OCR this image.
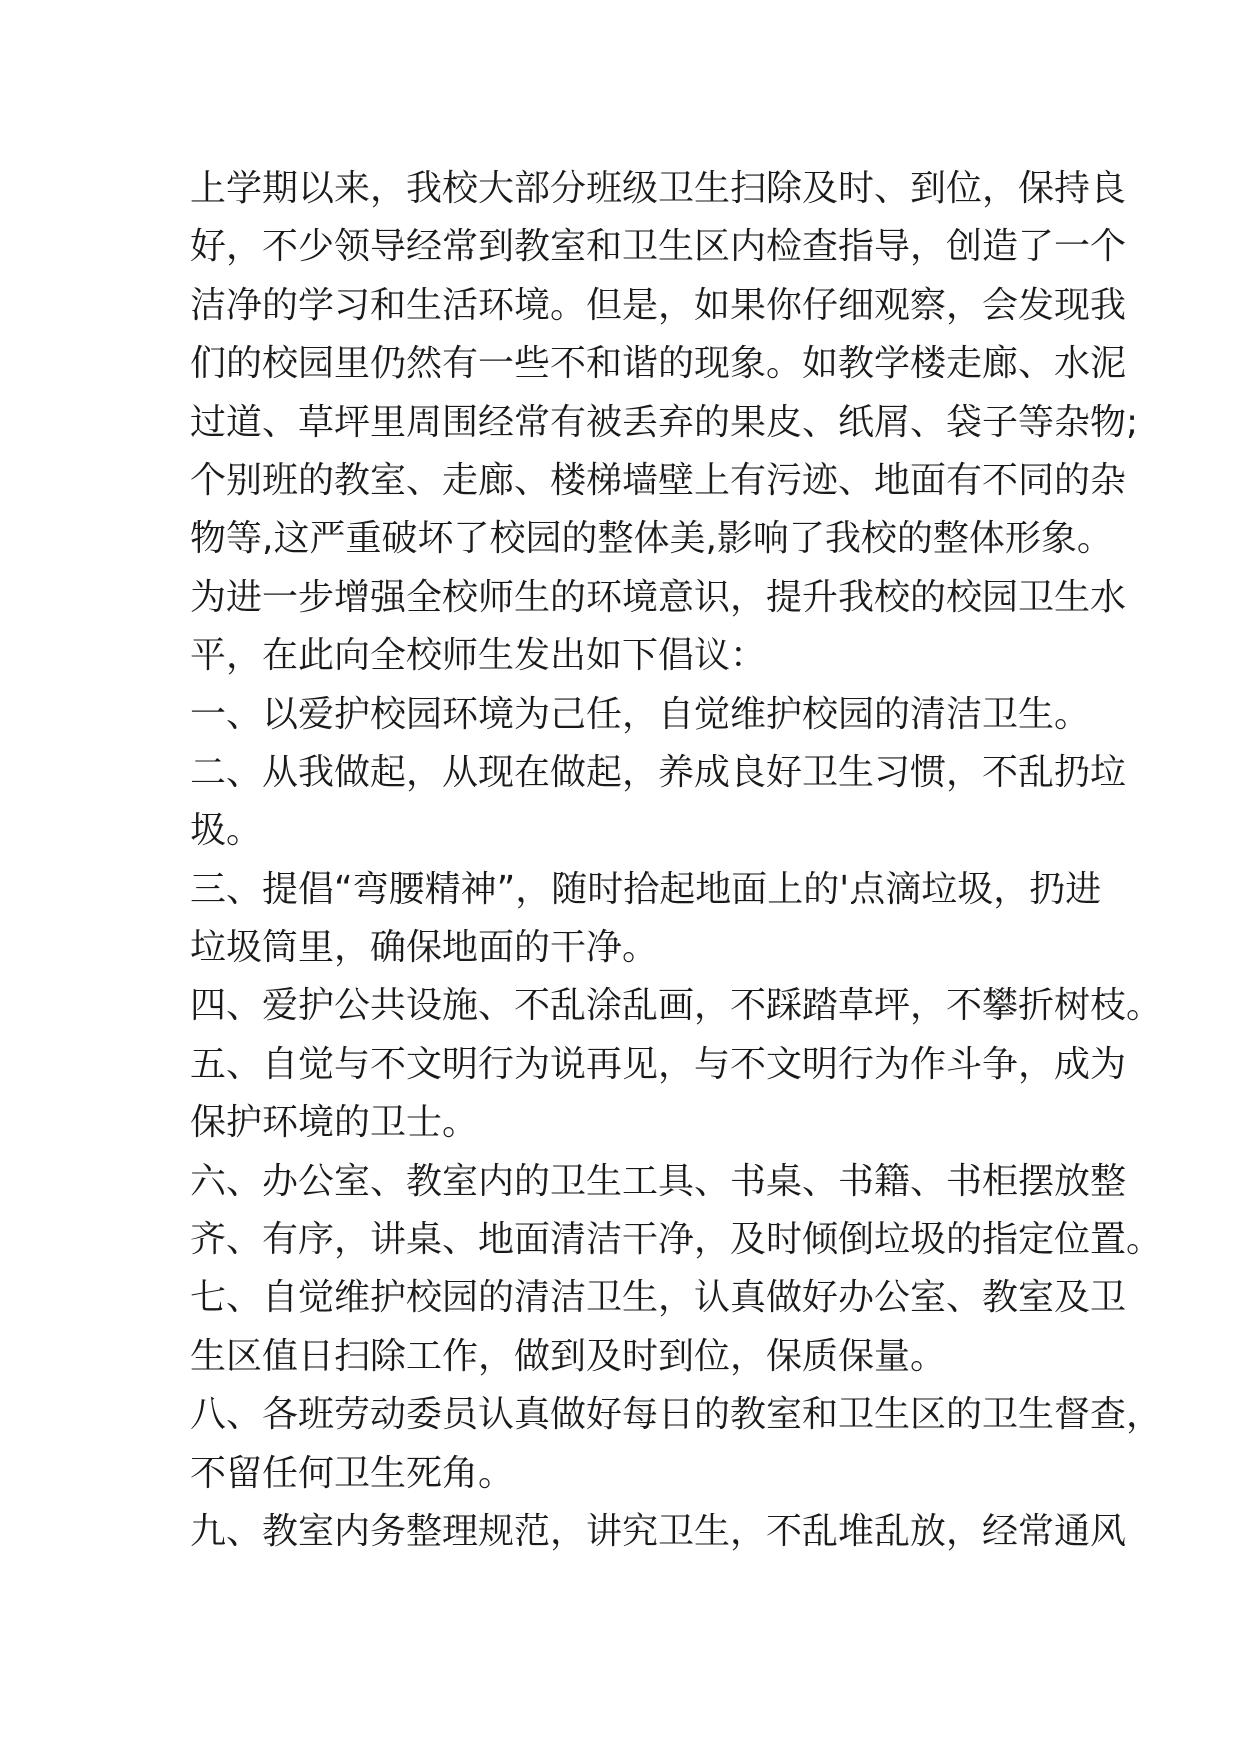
上学期以来，我校大部分班级卫生扫除及时、到位，保持良
好，不少领导经常到教室和卫生区内检查指导，创造了一个
洁净的学习和生活环境。但是，如果你仔细观察，会发现我
们的校园里仍然有一些不和谐的现象。如教学楼走廊、水泥
过道、草坪里周围经常有被丢弃的果皮、纸屑、袋子等杂物;
个别班的教室、走廊、楼梯墙壁上有污迹、地面有不同的杂
物等,这严重破坏了校园的整体美,影响了我校的整体形象。
为进一步增强全校师生的环境意识，提升我校的校园卫生水
平，在此向全校师生发出如下倡议：
一、以爱护校园环境为己任，自觉维护校园的清洁卫生。
二、从我做起，从现在做起，养成良好卫生习惯，不乱扔垃
圾。
三、提倡“弯腰精神”，随时拾起地面上的'点滴垃圾，扔进
垃圾筒里，确保地面的干净。
四、爱护公共设施、不乱涂乱画，不踩踏草坪，不攀折树枝。
五、自觉与不文明行为说再见，与不文明行为作斗争，成为
保护环境的卫士。
六、办公室、教室内的卫生工具、书桌、书籍、书柜摆放整
齐、有序，讲桌、地面清洁干净，及时倾倒垃圾的指定位置。
七、自觉维护校园的清洁卫生，认真做好办公室、教室及卫
生区值日扫除工作，做到及时到位，保质保量。
八、各班劳动委员认真做好每日的教室和卫生区的卫生督查，
不留任何卫生死角。
九、教室内务整理规范，讲究卫生，不乱堆乱放，经常通风
